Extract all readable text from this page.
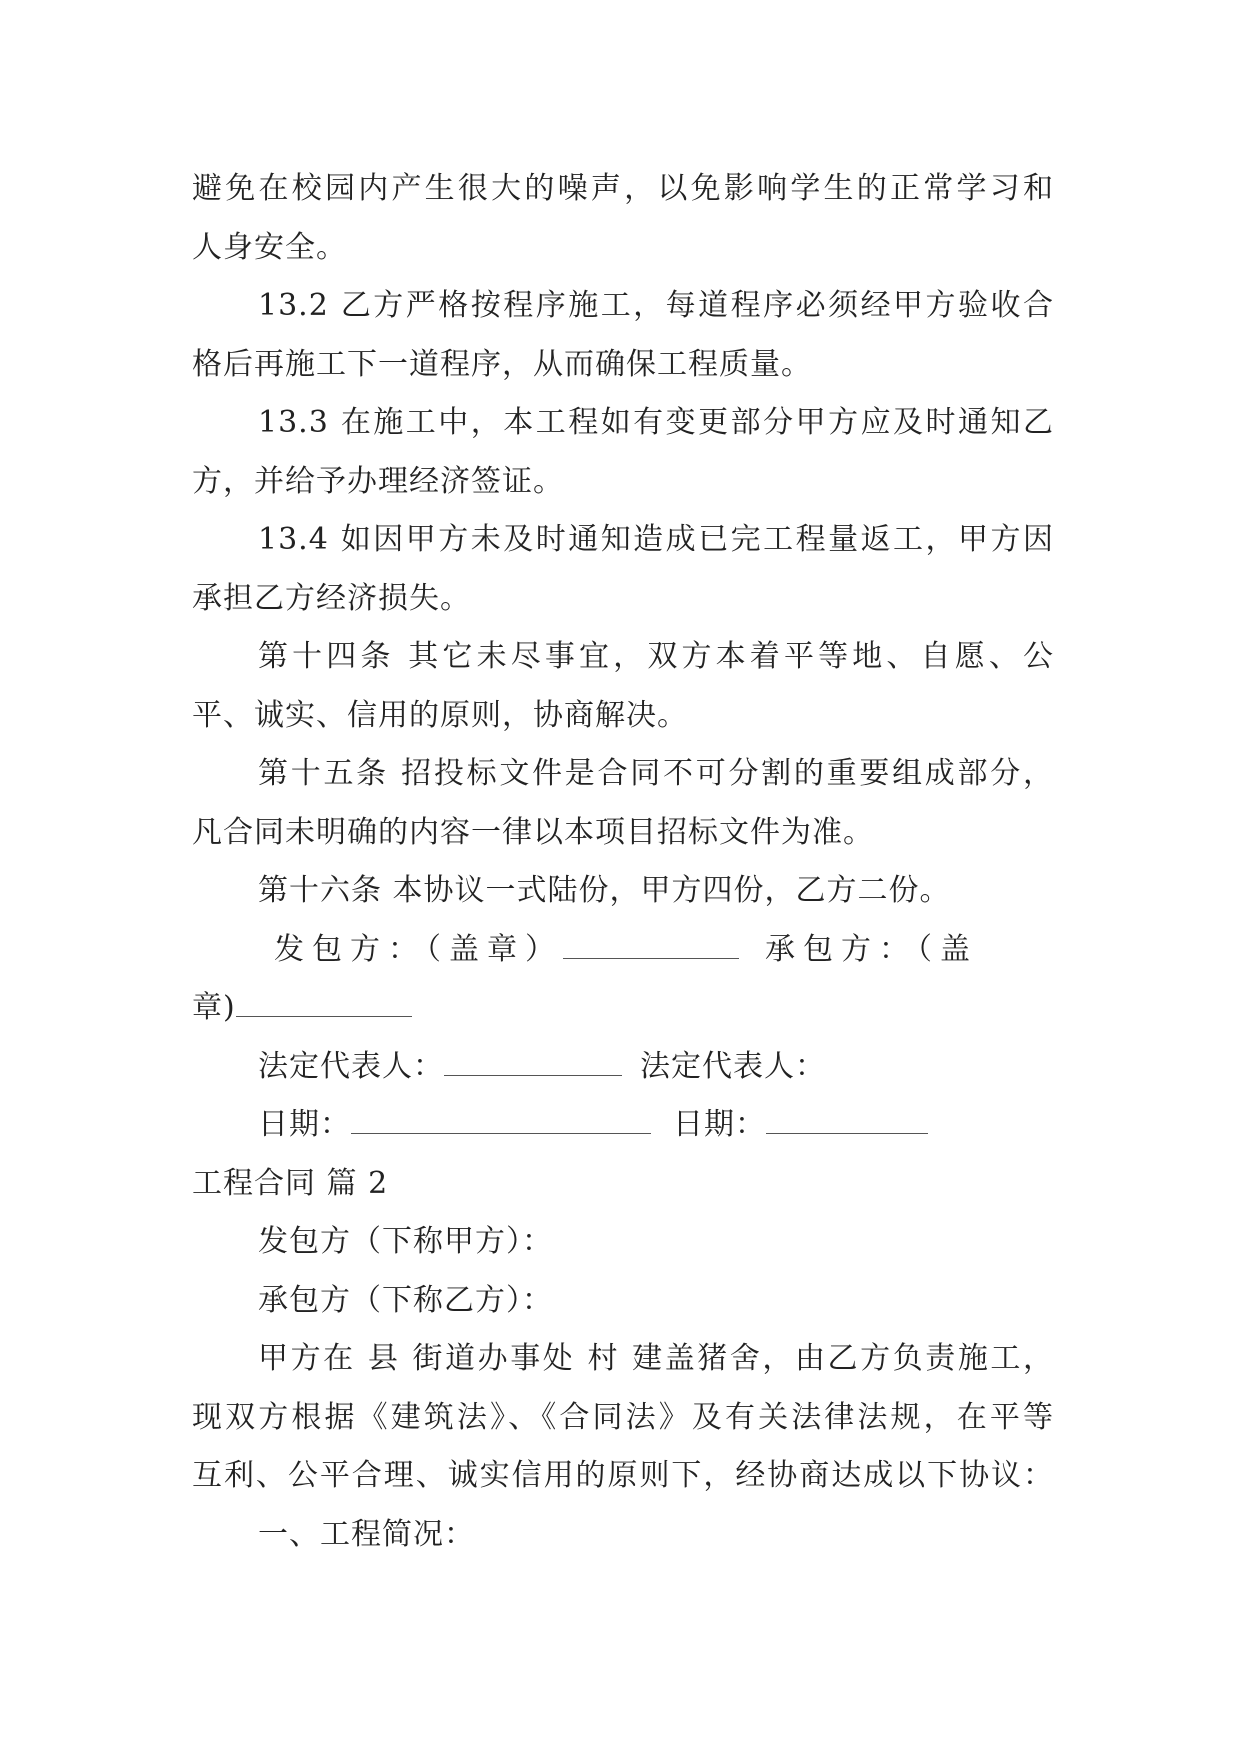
避免在校园内产生很大的噪声，以免影响学生的正常学习和
人身安全。
13.2 乙方严格按程序施工，每道程序必须经甲方验收合
格后再施工下一道程序，从而确保工程质量。
13.3 在施工中，本工程如有变更部分甲方应及时通知乙
方，并给予办理经济签证。
13.4 如因甲方未及时通知造成已完工程量返工，甲方因
承担乙方经济损失。
第十四条 其它未尽事宜，双方本着平等地、自愿、公
平、诚实、信用的原则，协商解决。
第十五条 招投标文件是合同不可分割的重要组成部分，
凡合同未明确的内容一律以本项目招标文件为准。
第十六条 本协议一式陆份，甲方四份，乙方二份。
发包方：（盖章）	承包方：（盖
章)
法定代表人：	法定代表人：
日期：	日期：
工程合同 篇 2
发包方（下称甲方）：
承包方（下称乙方）：
甲方在 县 街道办事处 村 建盖猪舍，由乙方负责施工，
现双方根据《建筑法》、《合同法》及有关法律法规，在平等
互利、公平合理、诚实信用的原则下，经协商达成以下协议：
一、工程简况：
